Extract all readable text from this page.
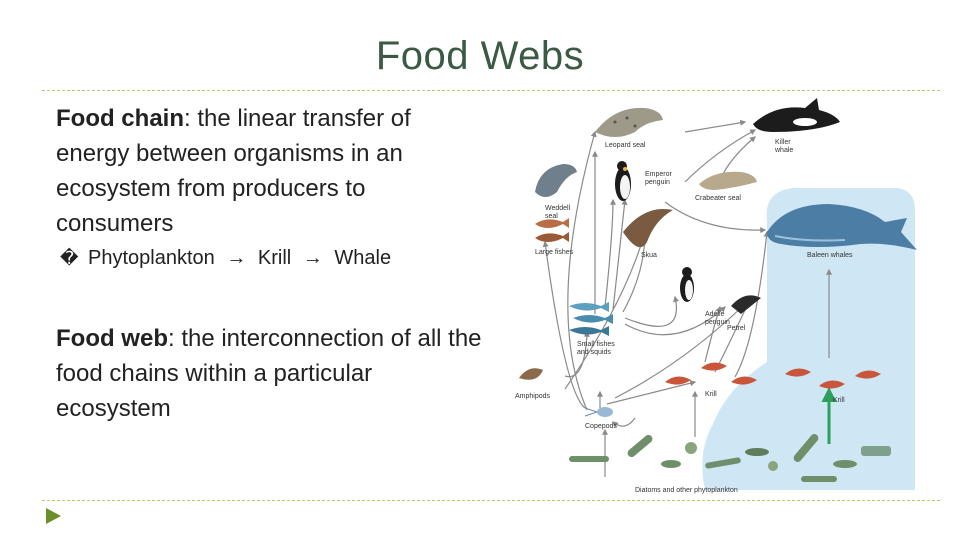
Food Webs
Food chain: the linear transfer of energy between organisms in an ecosystem from producers to consumers
� Phytoplankton → Krill → Whale
Food web: the interconnection of all the food chains within a particular ecosystem
Leopard seal	Killer
whale
Weddell
seal
Emperor
penguin
Crabeater seal
Large fishes	Skua	Baleen whales
Adélie
penguin
Small fishes
and squids
Petrel
Amphipods	Krill
Krill
Copepods
Diatoms and other phytoplankton
